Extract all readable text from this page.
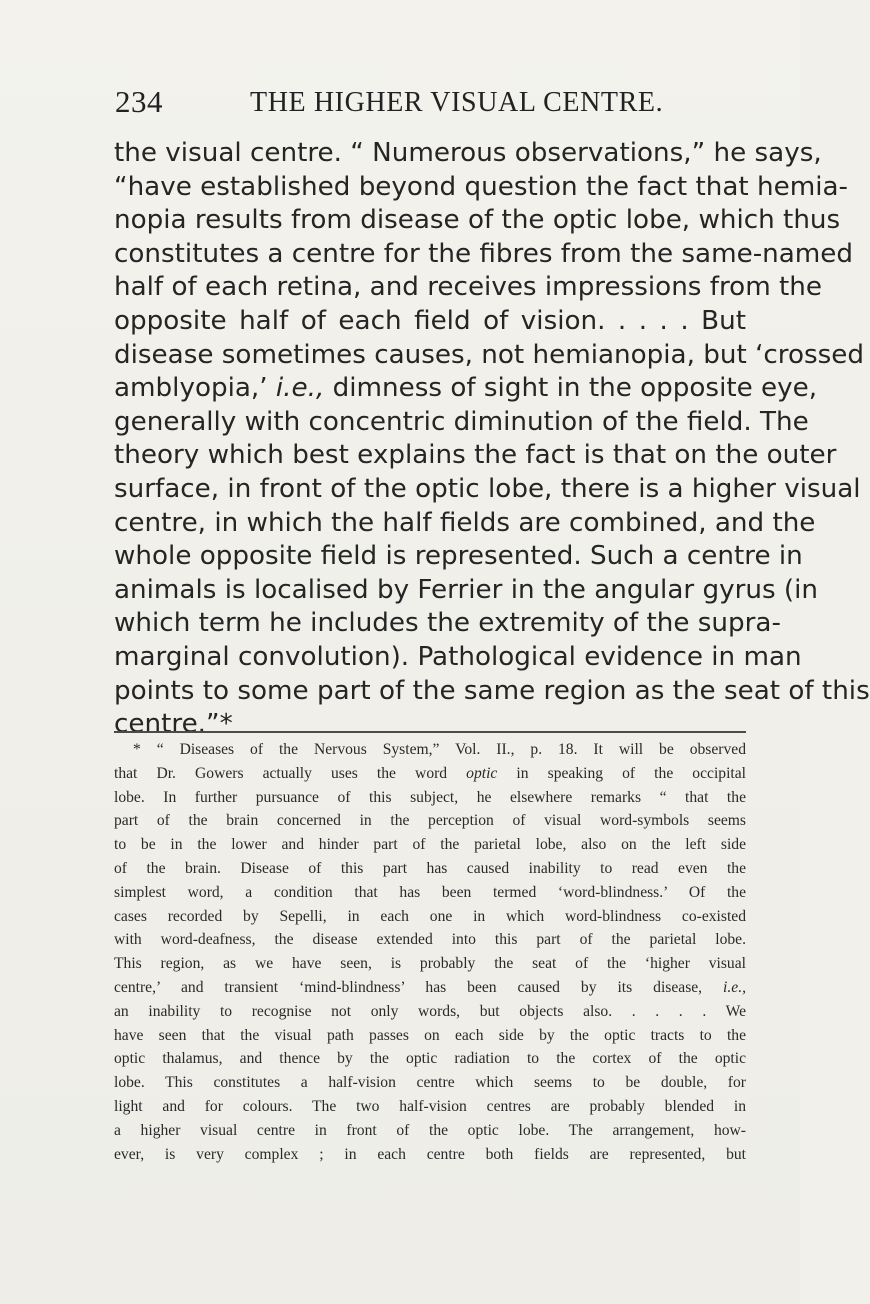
234	THE HIGHER VISUAL CENTRE.
the visual centre. “ Numerous observations,” he says,
“have established beyond question the fact that hemia-
nopia results from disease of the optic lobe, which thus
constitutes a centre for the fibres from the same-named
half of each retina, and receives impressions from the
opposite half of each field of vision. . . . . But
disease sometimes causes, not hemianopia, but ‘crossed
amblyopia,’ i.e., dimness of sight in the opposite eye,
generally with concentric diminution of the field. The
theory which best explains the fact is that on the outer
surface, in front of the optic lobe, there is a higher visual
centre, in which the half fields are combined, and the
whole opposite field is represented. Such a centre in
animals is localised by Ferrier in the angular gyrus (in
which term he includes the extremity of the supra-
marginal convolution). Pathological evidence in man
points to some part of the same region as the seat of this
centre.”*
* “ Diseases of the Nervous System,” Vol. II., p. 18. It will be observed
that Dr. Gowers actually uses the word optic in speaking of the occipital
lobe. In further pursuance of this subject, he elsewhere remarks “ that the
part of the brain concerned in the perception of visual word-symbols seems
to be in the lower and hinder part of the parietal lobe, also on the left side
of the brain. Disease of this part has caused inability to read even the
simplest word, a condition that has been termed ‘word-blindness.’ Of the
cases recorded by Sepelli, in each one in which word-blindness co-existed
with word-deafness, the disease extended into this part of the parietal lobe.
This region, as we have seen, is probably the seat of the ‘higher visual
centre,’ and transient ‘mind-blindness’ has been caused by its disease, i.e.,
an inability to recognise not only words, but objects also. . . . . We
have seen that the visual path passes on each side by the optic tracts to the
optic thalamus, and thence by the optic radiation to the cortex of the optic
lobe. This constitutes a half-vision centre which seems to be double, for
light and for colours. The two half-vision centres are probably blended in
a higher visual centre in front of the optic lobe. The arrangement, how-
ever, is very complex ; in each centre both fields are represented, but
